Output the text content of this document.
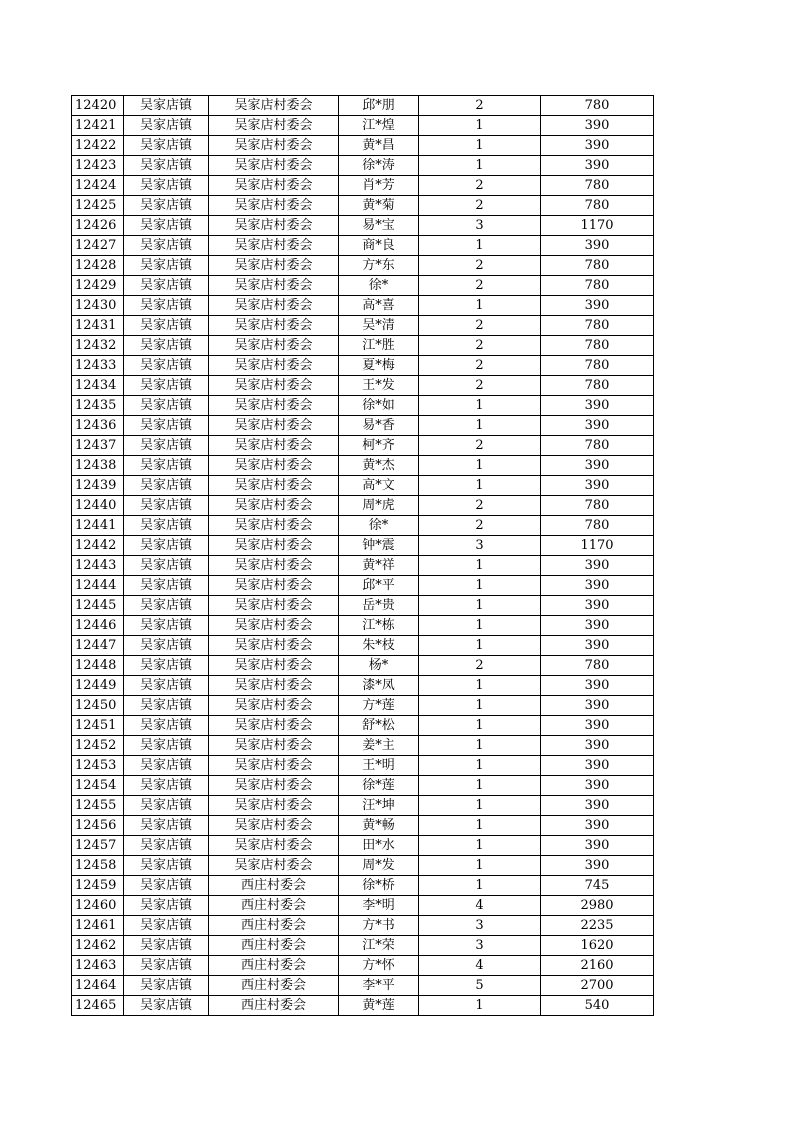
12420	吴家店镇	吴家店村委会	邱*朋	2	780
12421	吴家店镇	吴家店村委会	江*煌	1	390
12422	吴家店镇	吴家店村委会	黄*昌	1	390
12423	吴家店镇	吴家店村委会	徐*涛	1	390
12424	吴家店镇	吴家店村委会	肖*芳	2	780
12425	吴家店镇	吴家店村委会	黄*菊	2	780
12426	吴家店镇	吴家店村委会	易*宝	3	1170
12427	吴家店镇	吴家店村委会	商*良	1	390
12428	吴家店镇	吴家店村委会	方*东	2	780
12429	吴家店镇	吴家店村委会	徐*	2	780
12430	吴家店镇	吴家店村委会	高*喜	1	390
12431	吴家店镇	吴家店村委会	吴*清	2	780
12432	吴家店镇	吴家店村委会	江*胜	2	780
12433	吴家店镇	吴家店村委会	夏*梅	2	780
12434	吴家店镇	吴家店村委会	王*发	2	780
12435	吴家店镇	吴家店村委会	徐*如	1	390
12436	吴家店镇	吴家店村委会	易*香	1	390
12437	吴家店镇	吴家店村委会	柯*齐	2	780
12438	吴家店镇	吴家店村委会	黄*杰	1	390
12439	吴家店镇	吴家店村委会	高*文	1	390
12440	吴家店镇	吴家店村委会	周*虎	2	780
12441	吴家店镇	吴家店村委会	徐*	2	780
12442	吴家店镇	吴家店村委会	钟*震	3	1170
12443	吴家店镇	吴家店村委会	黄*祥	1	390
12444	吴家店镇	吴家店村委会	邱*平	1	390
12445	吴家店镇	吴家店村委会	岳*贵	1	390
12446	吴家店镇	吴家店村委会	江*栋	1	390
12447	吴家店镇	吴家店村委会	朱*枝	1	390
12448	吴家店镇	吴家店村委会	杨*	2	780
12449	吴家店镇	吴家店村委会	漆*凤	1	390
12450	吴家店镇	吴家店村委会	方*莲	1	390
12451	吴家店镇	吴家店村委会	舒*松	1	390
12452	吴家店镇	吴家店村委会	姜*主	1	390
12453	吴家店镇	吴家店村委会	王*明	1	390
12454	吴家店镇	吴家店村委会	徐*莲	1	390
12455	吴家店镇	吴家店村委会	汪*坤	1	390
12456	吴家店镇	吴家店村委会	黄*畅	1	390
12457	吴家店镇	吴家店村委会	田*水	1	390
12458	吴家店镇	吴家店村委会	周*发	1	390
12459	吴家店镇	西庄村委会	徐*桥	1	745
12460	吴家店镇	西庄村委会	李*明	4	2980
12461	吴家店镇	西庄村委会	方*书	3	2235
12462	吴家店镇	西庄村委会	江*荣	3	1620
12463	吴家店镇	西庄村委会	方*怀	4	2160
12464	吴家店镇	西庄村委会	李*平	5	2700
12465	吴家店镇	西庄村委会	黄*莲	1	540
